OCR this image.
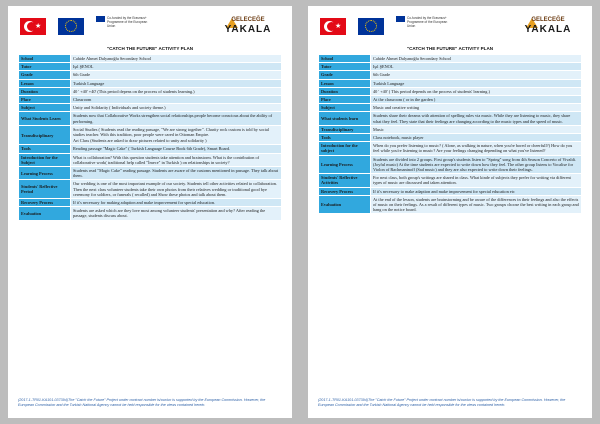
★
Co-funded by the Erasmus+ Programme of the European Union
GELECEĞE
YAKALA
"CATCH THE FUTURE" ACTIVITY PLAN
School	Cahide Ahmet Dalyanoğlu Secondary School

Tutor	Işıl ŞENOL

Grade	6th Grade

Lesson	Turkish Language

Duration	40 ' +40' +40' (This period depens on the process of students learning.)

Place	Classroom

Subject	Unity and Solidarity ( Individuals and society theme.)

What Students Learn	Students now that Collaborative Works strengthen social relationships.people become conscious about the ability of performing.

Transdisciplinary	Social Studies ( Students read the reading passage, "We are strong together". Charity rock custom is told by social studies teacher. With this tradition, poor people were cared in Ottoman Empire.

Art Class (Students are asked to draw pictures related to unity and solidarity )

Tools	Reading passage "Magic Cake" ( Turkish Language Course Book 6th Grade), Smart Board.

Introduction for the Subject	What is collaboration? With this question students take attention and brainstorm. What is the contribution of collaborative work( traditional help called "İmece" in Turkish ) on relationships in society?

Learning Process	Students read "Magic Cake" reading passage. Students are aware of the customs mentioned in passage. They talk about them.

Students' Reflective Period	Our wedding is one of the most important example of our society. Students tell other activities related to collaboration. Then the next class volunteer students take their own photos from their relatives wedding or traditional good bye ceremony for soldiers, or funerals ( recalled) and Show these photos and talk about them.

Recovery Process	If it's necessary for making adaption and make improvement for special education.

Evaluation	Students are asked which are they love most among volunteer students' presentation and why? After reading the passage, students discuss about.

(2017-1-TR01-KA101-037394)The "Catch the Future" Project under contract number is/our/un is supported by the European Commission. However, the European Commission and the Turkish National Agency cannot be held responsible for the views contained herein.
★
Co-funded by the Erasmus+ Programme of the European Union
GELECEĞE
YAKALA
"CATCH THE FUTURE" ACTIVITY PLAN
School	Cahide Ahmet Dalyanoğlu Secondary School

Tutor	Işıl ŞENOL

Grade	6th Grade

Lesson	Turkish Language

Duration	40 ' +40' ( This period depends on the process of students' learning.)

Place	At the classroom ( or in the garden )

Subject	Music and creative writing

What students learn	Students share their dreams with attention of spelling rules via music. While they are listening to music, they share what they feel. They state that their feelings are changing according to the music types and the speed of music.

Transdisciplinary	Music

Tools	Class notebook, music player

Introduction for the subject	When do you prefer listening to music? ( Alone, as walking in nature, when you're bored or cheerfull?) How do you feel while you're listening to music? Are your feelings changing depending on what you've listened?

Learning Process	Students are divided into 2 groups. First group's students listen to "Spring" song from 4th Season Concerto of Vivaldi. (Joyful music) At the time students are expected to write down how they feel. The other group listens to Vocalise for Violon of Rachmaninoff (Sad music) and they are also expected to write down their feelings.

Students' Reflective Activities	For next class, both group's writings are shared in class. What kinde of subjects they prefer for writing via different types of music are discussed and taken attention.

Recovery Process	If it's necessary to make adaption and make improvement for special education etc

Evaluation	At the end of the lesson, students are brainstorming and be aware of the differences in their feelings and also the effects of music on their feelings. As a result of different types of music. Two groups choose the best writing in each group and hang on the notice board.

(2017-1-TR01-KA101-037394)The "Catch the Future" Project under contract number is/our/un is supported by the European Commission. However, the European Commission and the Turkish National Agency cannot be held responsible for the views contained herein.
